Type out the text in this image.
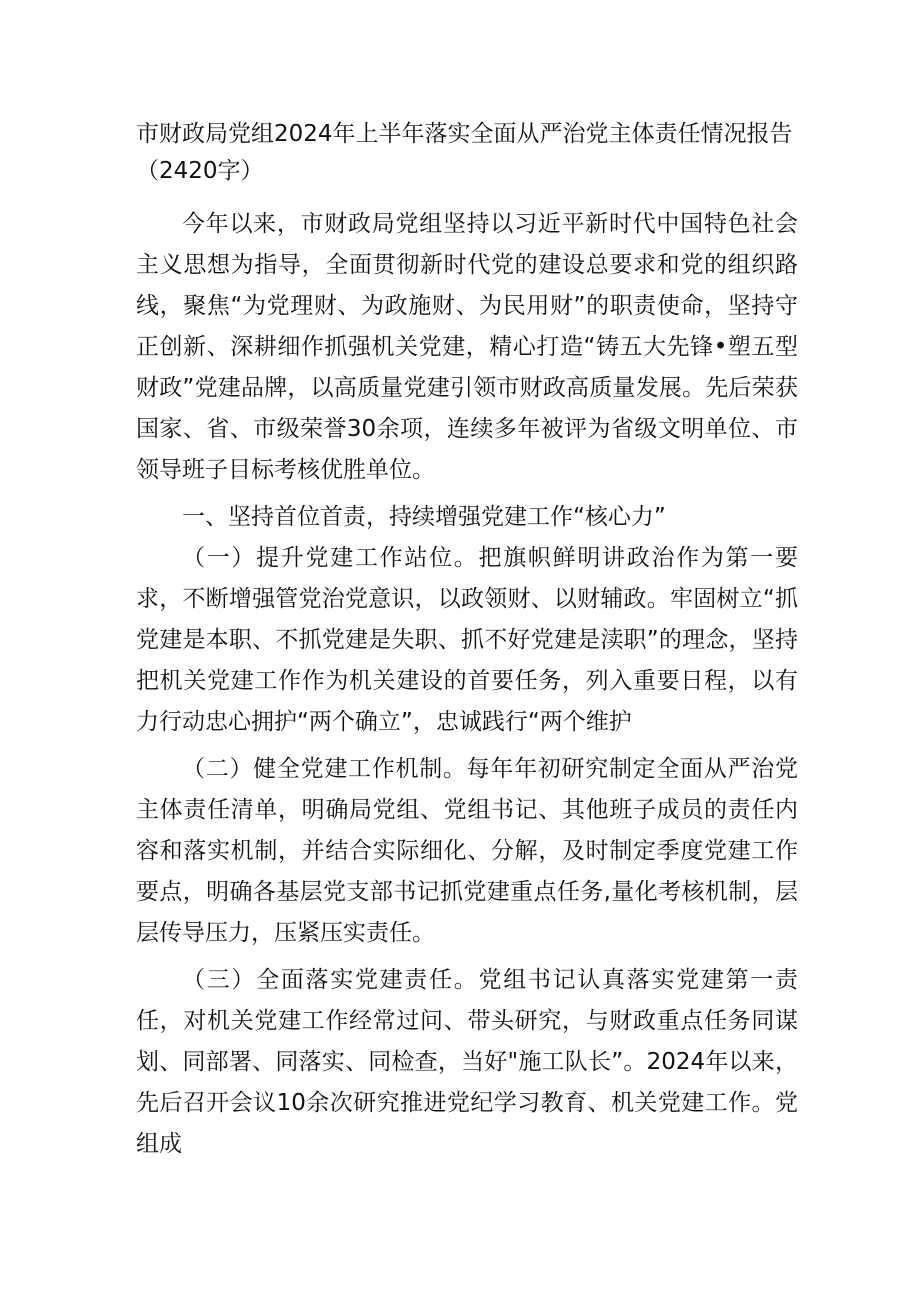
市财政局党组2024年上半年落实全面从严治党主体责任情况报告（2420字）

今年以来，市财政局党组坚持以习近平新时代中国特色社会主义思想为指导，全面贯彻新时代党的建设总要求和党的组织路线，聚焦“为党理财、为政施财、为民用财”的职责使命，坚持守正创新、深耕细作抓强机关党建，精心打造“铸五大先锋•塑五型财政”党建品牌，以高质量党建引领市财政高质量发展。先后荣获国家、省、市级荣誉30余项，连续多年被评为省级文明单位、市领导班子目标考核优胜单位。

一、坚持首位首责，持续增强党建工作“核心力”

（一）提升党建工作站位。把旗帜鲜明讲政治作为第一要求，不断增强管党治党意识，以政领财、以财辅政。牢固树立“抓党建是本职、不抓党建是失职、抓不好党建是渎职”的理念，坚持把机关党建工作作为机关建设的首要任务，列入重要日程，以有力行动忠心拥护“两个确立”，忠诚践行“两个维护

（二）健全党建工作机制。每年年初研究制定全面从严治党主体责任清单，明确局党组、党组书记、其他班子成员的责任内容和落实机制，并结合实际细化、分解，及时制定季度党建工作要点，明确各基层党支部书记抓党建重点任务,量化考核机制，层层传导压力，压紧压实责任。

（三）全面落实党建责任。党组书记认真落实党建第一责任，对机关党建工作经常过问、带头研究，与财政重点任务同谋划、同部署、同落实、同检查，当好"施工队长”。2024年以来，先后召开会议10余次研究推进党纪学习教育、机关党建工作。党组成
